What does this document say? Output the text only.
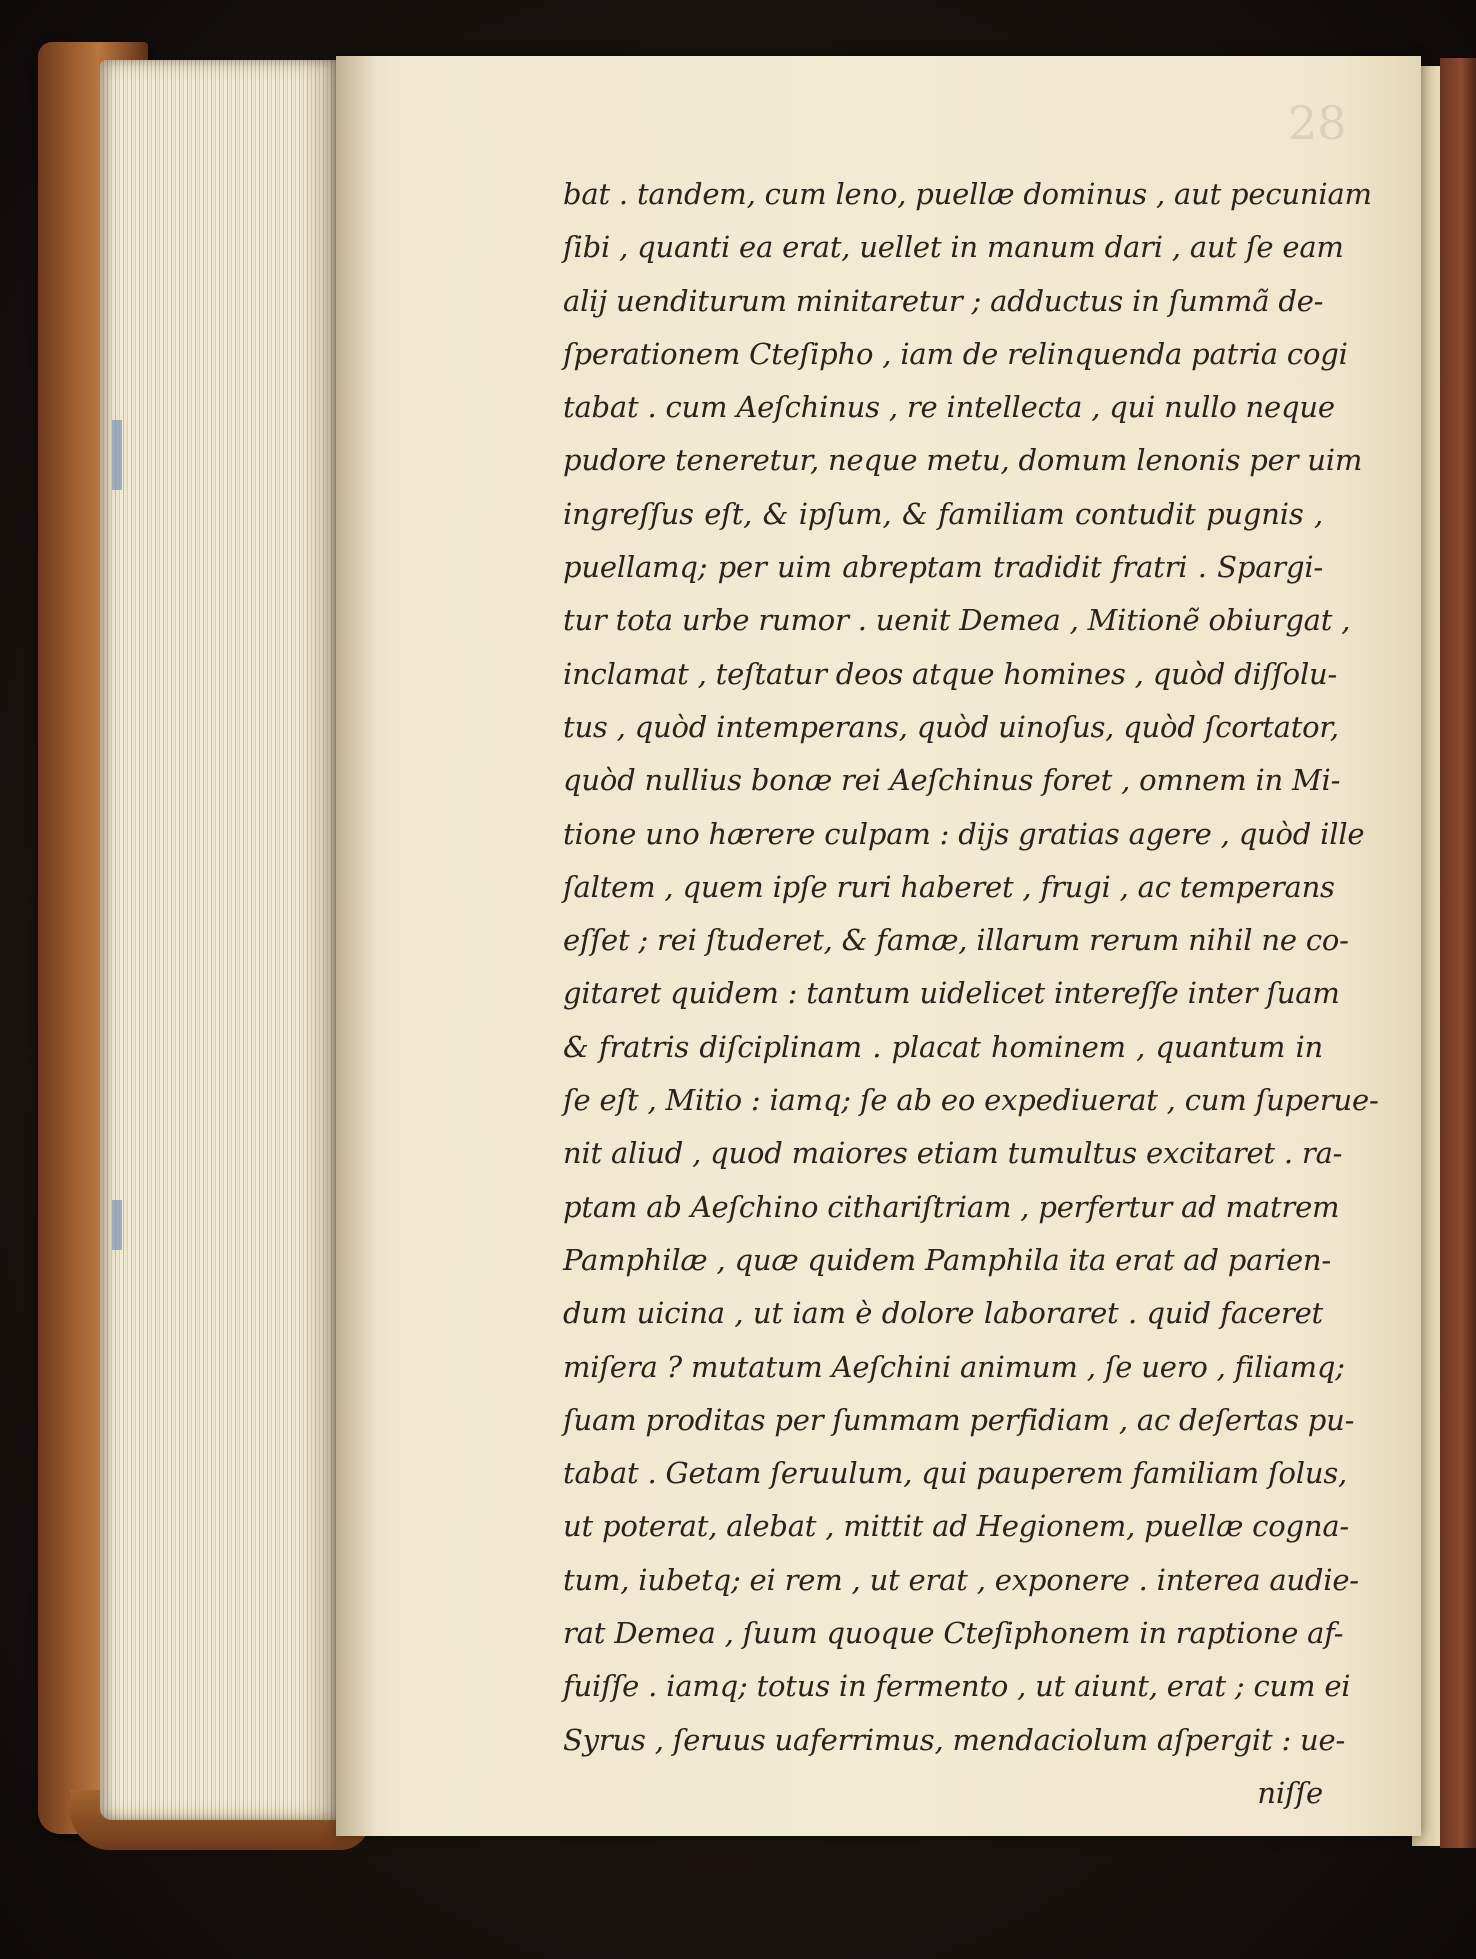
28
bat . tandem, cum leno, puellæ dominus , aut pecuniam
ſibi , quanti ea erat, uellet in manum dari , aut ſe eam
alij uenditurum minitaretur ; adductus in ſummã de-
ſperationem Cteſipho , iam de relinquenda patria cogi
tabat . cum Aeſchinus , re intellecta , qui nullo neque
pudore teneretur, neque metu, domum lenonis per uim
ingreſſus eſt, & ipſum, & familiam contudit pugnis ,
puellamq; per uim abreptam tradidit fratri . Spargi-
tur tota urbe rumor . uenit Demea , Mitionẽ obiurgat ,
inclamat , teſtatur deos atque homines , quòd diſſolu-
tus , quòd intemperans, quòd uinoſus, quòd ſcortator,
quòd nullius bonæ rei Aeſchinus foret , omnem in Mi-
tione uno hærere culpam : dijs gratias agere , quòd ille
ſaltem , quem ipſe ruri haberet , frugi , ac temperans
eſſet ; rei ſtuderet, & famæ, illarum rerum nihil ne co-
gitaret quidem : tantum uidelicet intereſſe inter ſuam
& fratris diſciplinam . placat hominem , quantum in
ſe eſt , Mitio : iamq; ſe ab eo expediuerat , cum ſuperue-
nit aliud , quod maiores etiam tumultus excitaret . ra-
ptam ab Aeſchino cithariſtriam , perfertur ad matrem
Pamphilæ , quæ quidem Pamphila ita erat ad parien-
dum uicina , ut iam è dolore laboraret . quid faceret
miſera ? mutatum Aeſchini animum , ſe uero , filiamq;
ſuam proditas per ſummam perfidiam , ac deſertas pu-
tabat . Getam ſeruulum, qui pauperem familiam ſolus,
ut poterat, alebat , mittit ad Hegionem, puellæ cogna-
tum, iubetq; ei rem , ut erat , exponere . interea audie-
rat Demea , ſuum quoque Cteſiphonem in raptione af-
fuiſſe . iamq; totus in fermento , ut aiunt, erat ; cum ei
Syrus , ſeruus uaferrimus, mendaciolum aſpergit : ue-
niſſe
